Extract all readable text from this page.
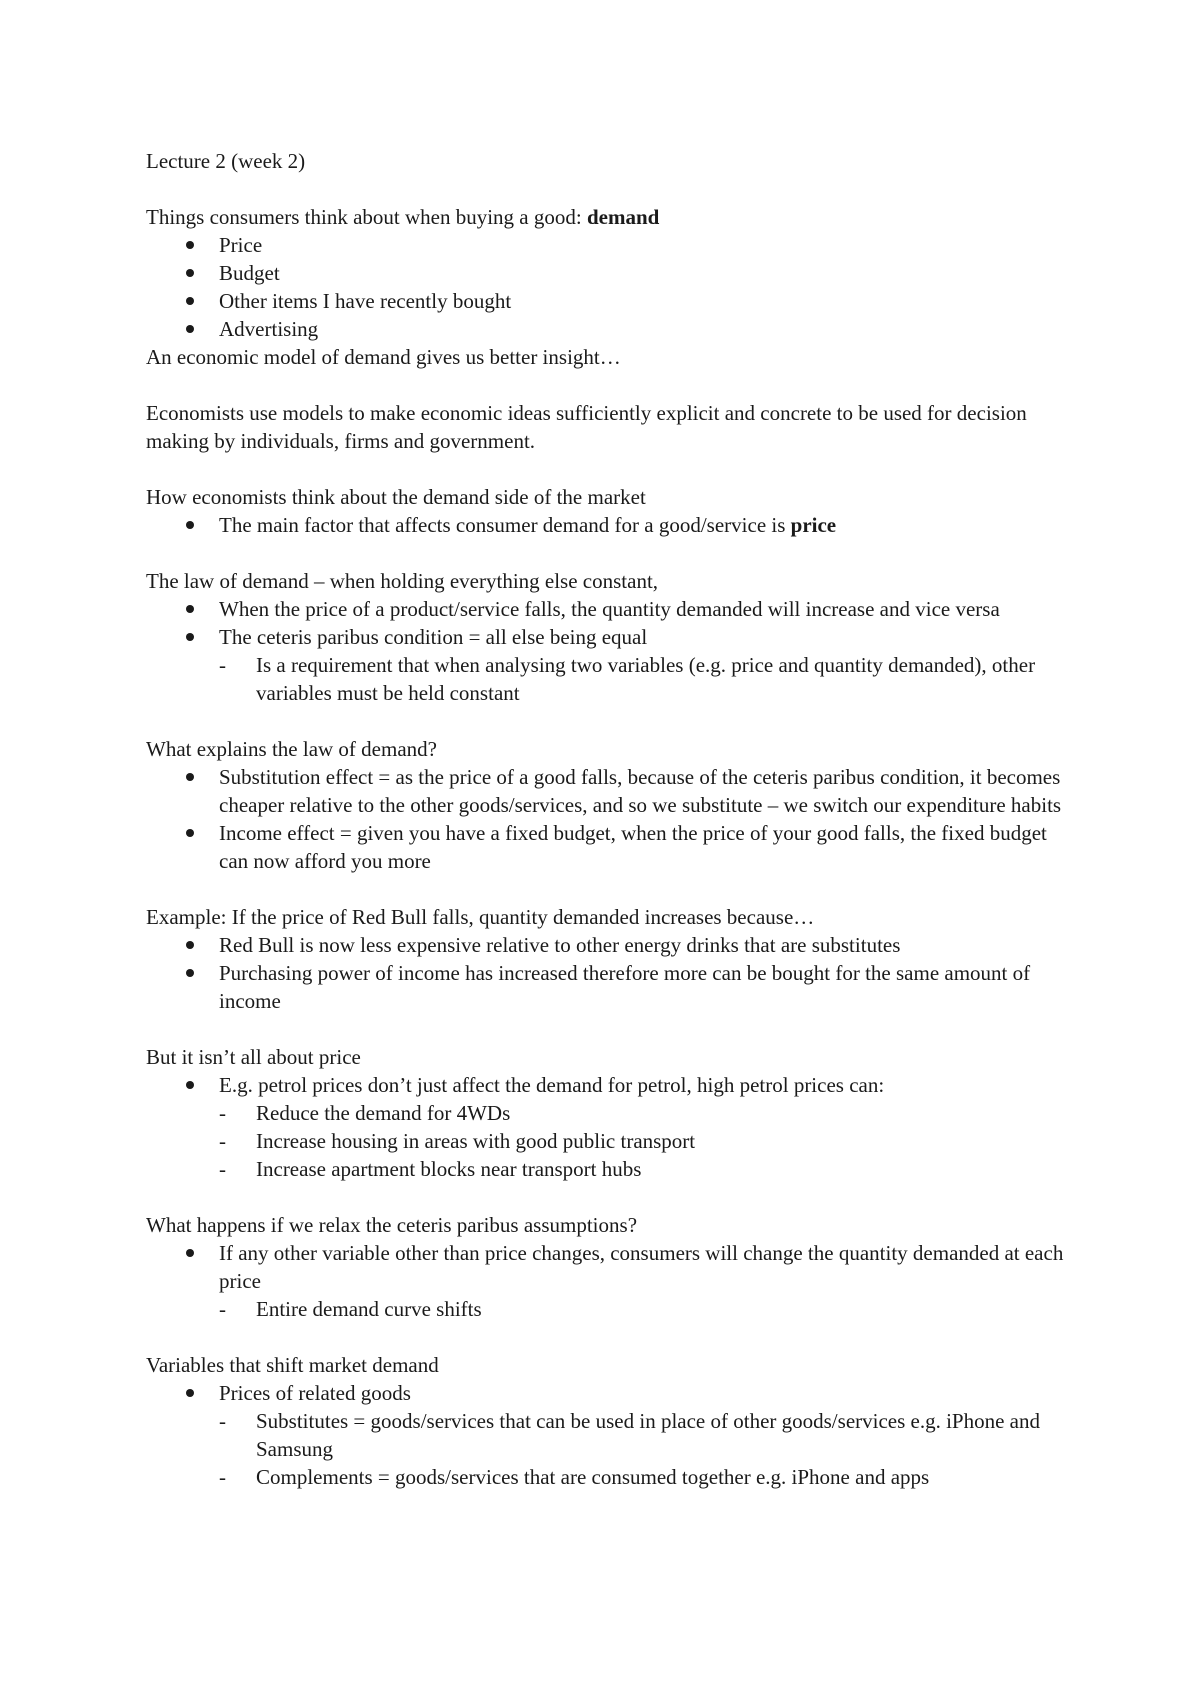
Lecture 2 (week 2)

Things consumers think about when buying a good: demand

Price
Budget
Other items I have recently bought
Advertising

An economic model of demand gives us better insight…

Economists use models to make economic ideas sufficiently explicit and concrete to be used for decision making by individuals, firms and government.

How economists think about the demand side of the market

The main factor that affects consumer demand for a good/service is price

The law of demand – when holding everything else constant,

When the price of a product/service falls, the quantity demanded will increase and vice versa
The ceteris paribus condition = all else being equal
- Is a requirement that when analysing two variables (e.g. price and quantity demanded), other variables must be held constant

What explains the law of demand?

Substitution effect = as the price of a good falls, because of the ceteris paribus condition, it becomes cheaper relative to the other goods/services, and so we substitute – we switch our expenditure habits
Income effect = given you have a fixed budget, when the price of your good falls, the fixed budget can now afford you more

Example: If the price of Red Bull falls, quantity demanded increases because…

Red Bull is now less expensive relative to other energy drinks that are substitutes
Purchasing power of income has increased therefore more can be bought for the same amount of income

But it isn’t all about price

E.g. petrol prices don’t just affect the demand for petrol, high petrol prices can:
- Reduce the demand for 4WDs
- Increase housing in areas with good public transport
- Increase apartment blocks near transport hubs

What happens if we relax the ceteris paribus assumptions?

If any other variable other than price changes, consumers will change the quantity demanded at each price
- Entire demand curve shifts

Variables that shift market demand

Prices of related goods
- Substitutes = goods/services that can be used in place of other goods/services e.g. iPhone and Samsung
- Complements = goods/services that are consumed together e.g. iPhone and apps
